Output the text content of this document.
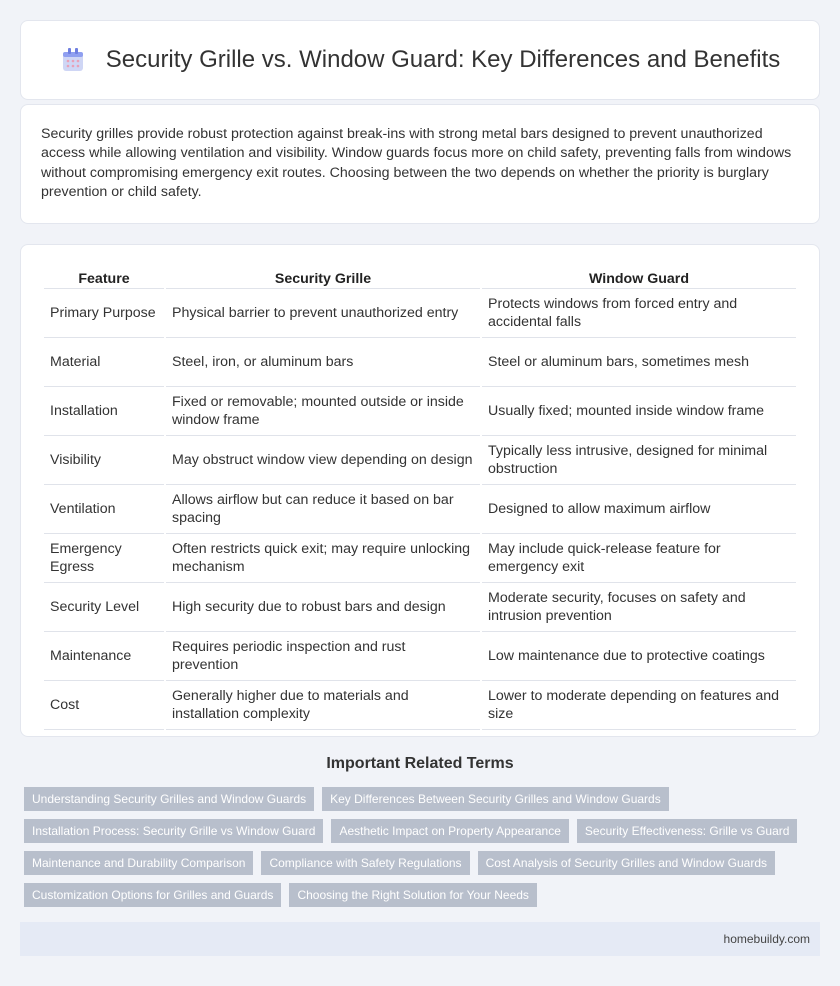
Security Grille vs. Window Guard: Key Differences and Benefits

Security grilles provide robust protection against break-ins with strong metal bars designed to prevent unauthorized access while allowing ventilation and visibility. Window guards focus more on child safety, preventing falls from windows without compromising emergency exit routes. Choosing between the two depends on whether the priority is burglary prevention or child safety.

Feature	Security Grille	Window Guard
Primary Purpose	Physical barrier to prevent unauthorized entry	Protects windows from forced entry and accidental falls
Material	Steel, iron, or aluminum bars	Steel or aluminum bars, sometimes mesh
Installation	Fixed or removable; mounted outside or inside window frame	Usually fixed; mounted inside window frame
Visibility	May obstruct window view depending on design	Typically less intrusive, designed for minimal obstruction
Ventilation	Allows airflow but can reduce it based on bar spacing	Designed to allow maximum airflow
Emergency Egress	Often restricts quick exit; may require unlocking mechanism	May include quick-release feature for emergency exit
Security Level	High security due to robust bars and design	Moderate security, focuses on safety and intrusion prevention
Maintenance	Requires periodic inspection and rust prevention	Low maintenance due to protective coatings
Cost	Generally higher due to materials and installation complexity	Lower to moderate depending on features and size
Important Related Terms
Understanding Security Grilles and Window Guards	Key Differences Between Security Grilles and Window Guards
Installation Process: Security Grille vs Window Guard	Aesthetic Impact on Property Appearance	Security Effectiveness: Grille vs Guard
Maintenance and Durability Comparison	Compliance with Safety Regulations	Cost Analysis of Security Grilles and Window Guards
Customization Options for Grilles and Guards	Choosing the Right Solution for Your Needs
homebuildy.com
